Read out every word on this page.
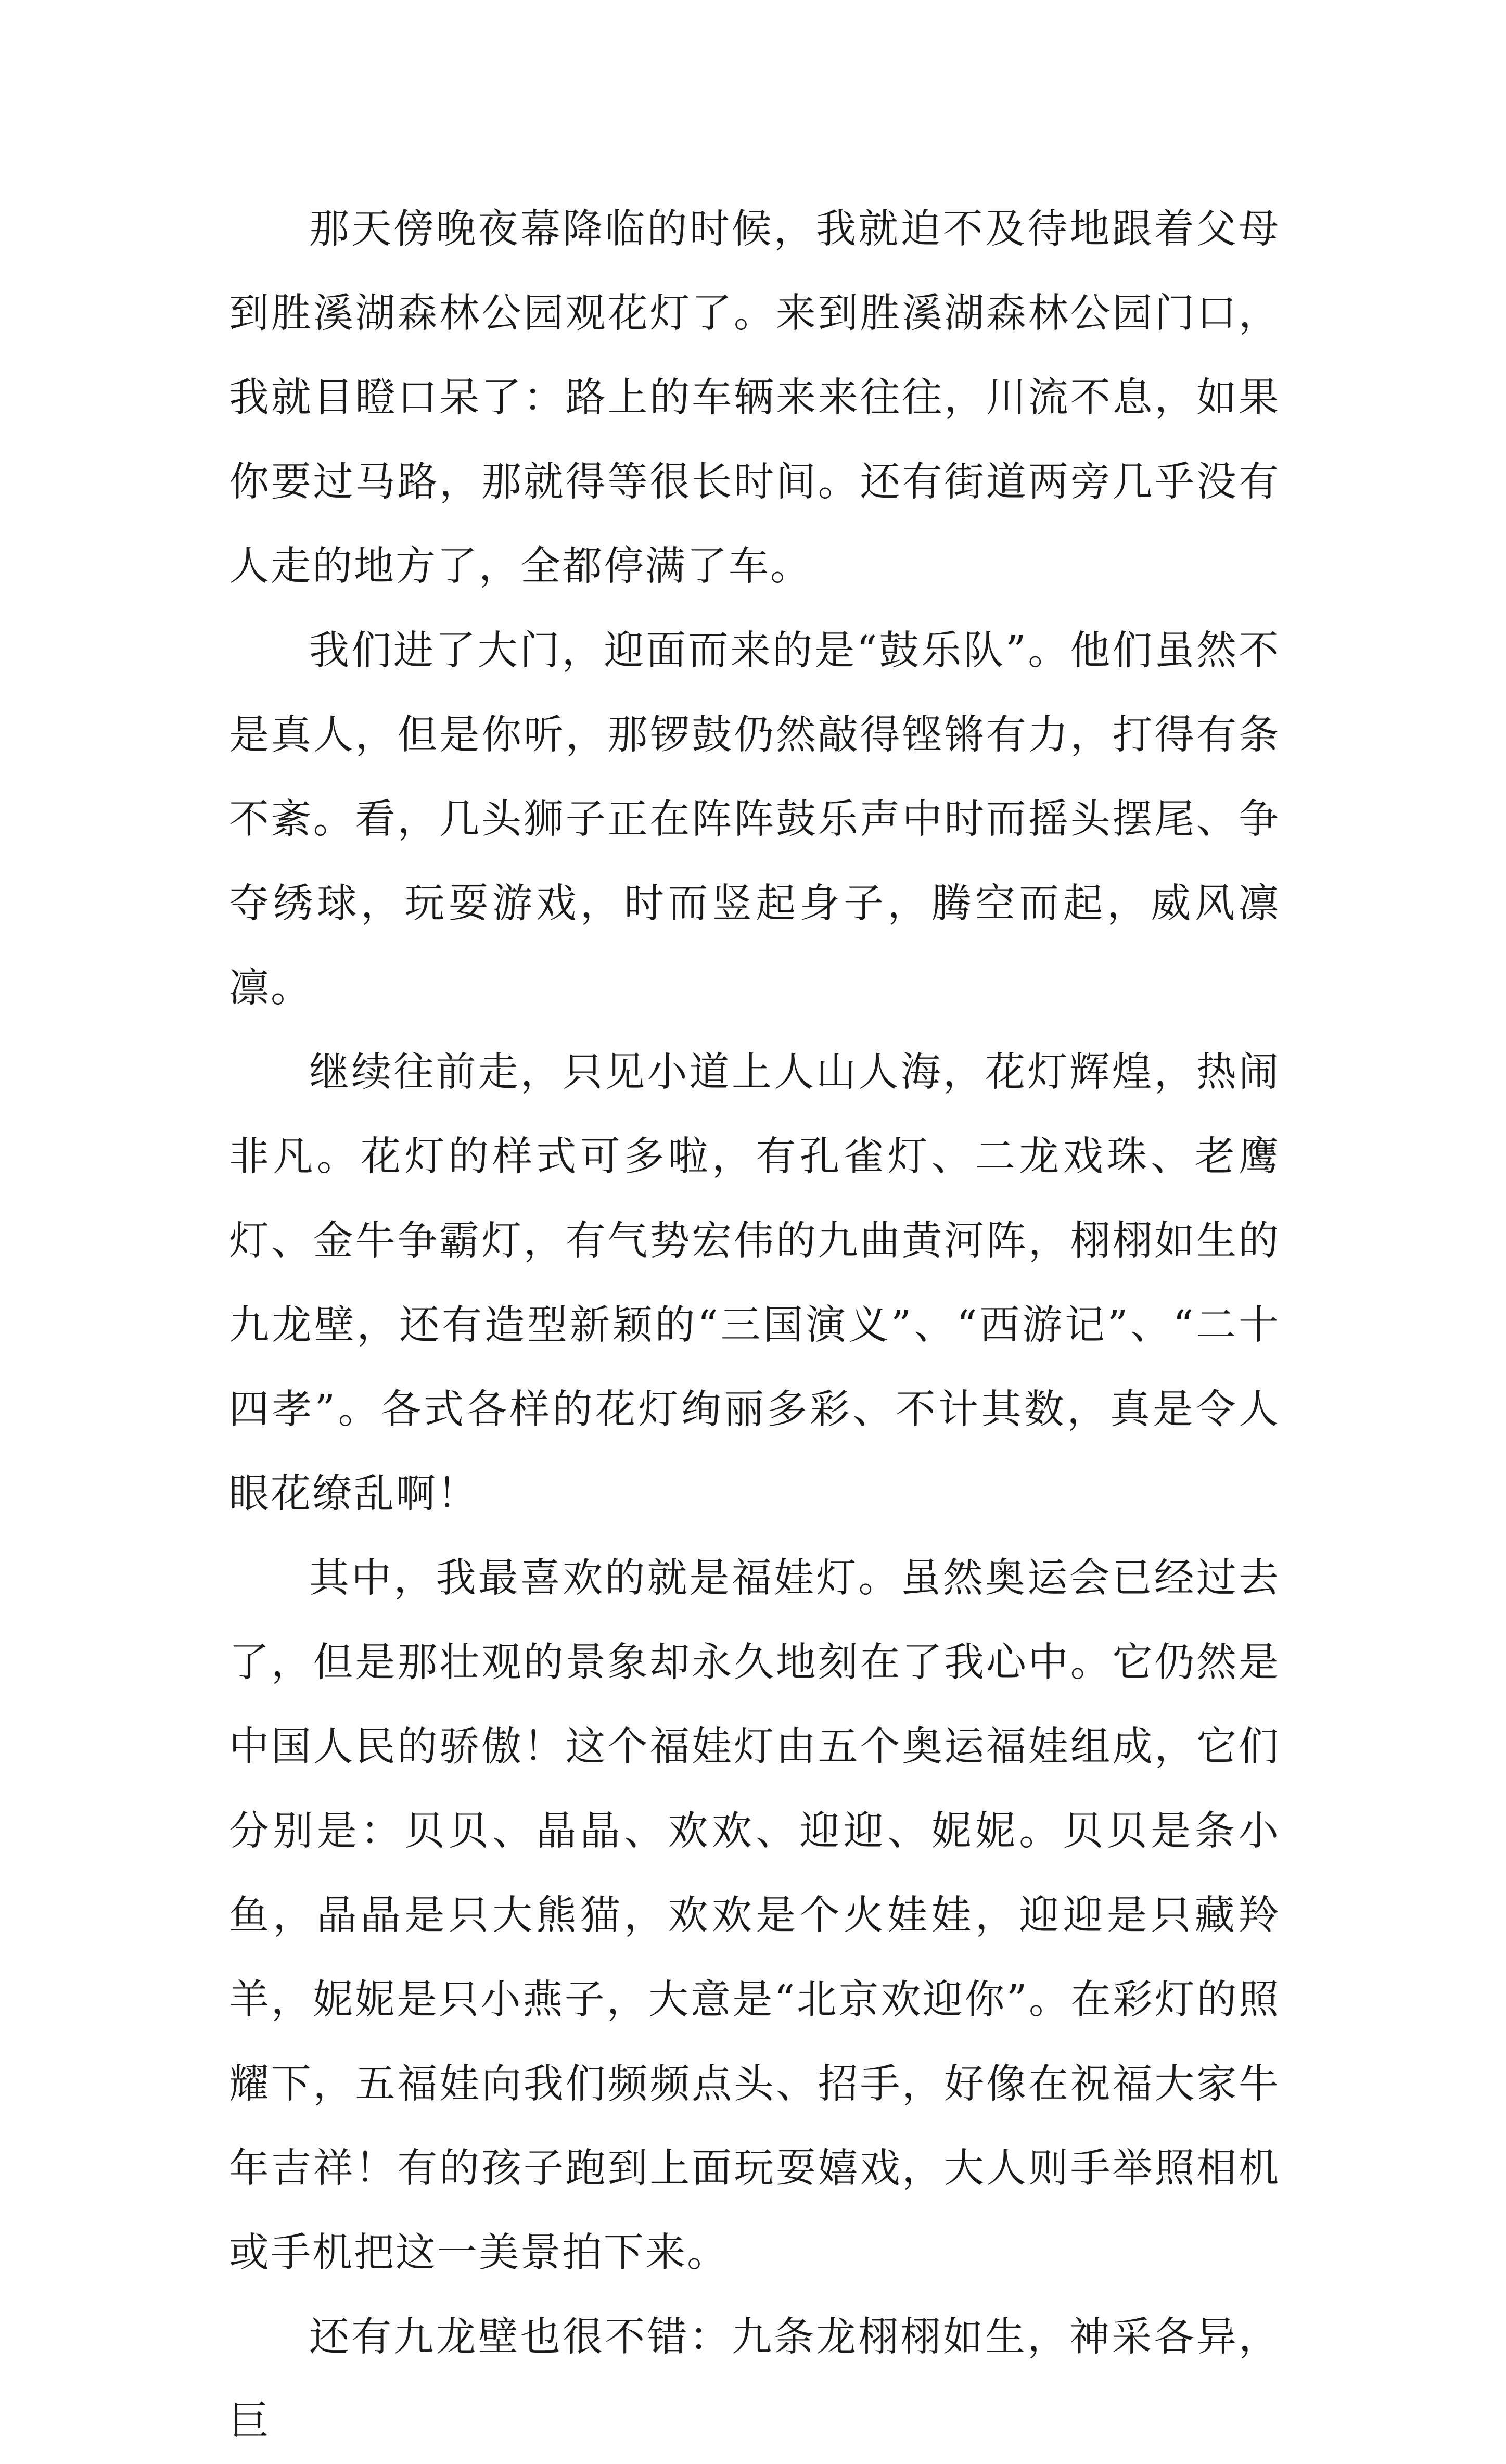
那天傍晚夜幕降临的时候，我就迫不及待地跟着父母到胜溪湖森林公园观花灯了。来到胜溪湖森林公园门口，我就目瞪口呆了：路上的车辆来来往往，川流不息，如果你要过马路，那就得等很长时间。还有街道两旁几乎没有人走的地方了，全都停满了车。

我们进了大门，迎面而来的是“鼓乐队”。他们虽然不是真人，但是你听，那锣鼓仍然敲得铿锵有力，打得有条不紊。看，几头狮子正在阵阵鼓乐声中时而摇头摆尾、争夺绣球，玩耍游戏，时而竖起身子，腾空而起，威风凛凛。

继续往前走，只见小道上人山人海，花灯辉煌，热闹非凡。花灯的样式可多啦，有孔雀灯、二龙戏珠、老鹰灯、金牛争霸灯，有气势宏伟的九曲黄河阵，栩栩如生的九龙壁，还有造型新颖的“三国演义”、“西游记”、“二十四孝”。各式各样的花灯绚丽多彩、不计其数，真是令人眼花缭乱啊！

其中，我最喜欢的就是福娃灯。虽然奥运会已经过去了，但是那壮观的景象却永久地刻在了我心中。它仍然是中国人民的骄傲！这个福娃灯由五个奥运福娃组成，它们分别是：贝贝、晶晶、欢欢、迎迎、妮妮。贝贝是条小鱼，晶晶是只大熊猫，欢欢是个火娃娃，迎迎是只藏羚羊，妮妮是只小燕子，大意是“北京欢迎你”。在彩灯的照耀下，五福娃向我们频频点头、招手，好像在祝福大家牛年吉祥！有的孩子跑到上面玩耍嬉戏，大人则手举照相机或手机把这一美景拍下来。

还有九龙壁也很不错：九条龙栩栩如生，神采各异，巨
